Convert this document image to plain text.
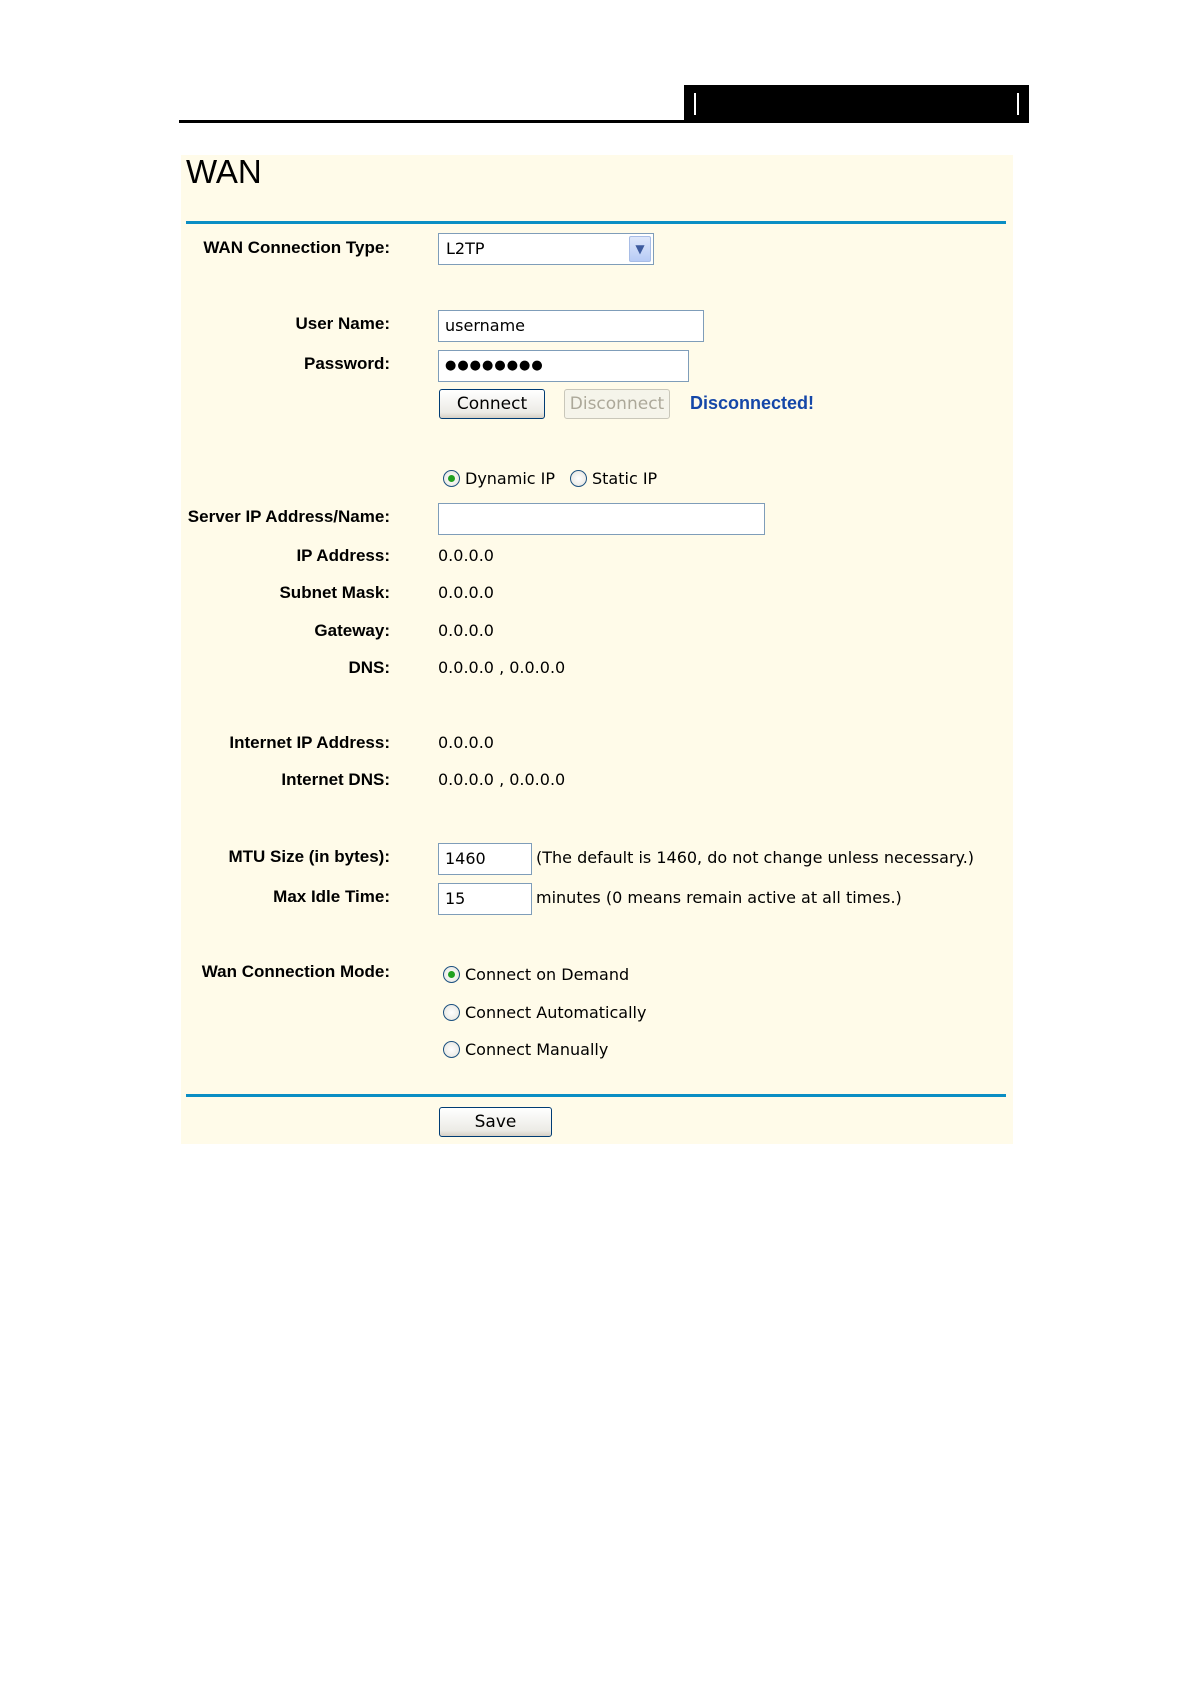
WAN
WAN Connection Type:	L2TP	▼
User Name:	username
Password:	●●●●●●●●
Connect	Disconnect	Disconnected!
Dynamic IP Static IP
Server IP Address/Name:
IP Address:	0.0.0.0
Subnet Mask:	0.0.0.0
Gateway:	0.0.0.0
DNS:	0.0.0.0 , 0.0.0.0
Internet IP Address:	0.0.0.0
Internet DNS:	0.0.0.0 , 0.0.0.0
MTU Size (in bytes):	1460	(The default is 1460, do not change unless necessary.)
Max Idle Time:	15	minutes (0 means remain active at all times.)
Wan Connection Mode:	Connect on Demand
Connect Automatically
Connect Manually
Save
